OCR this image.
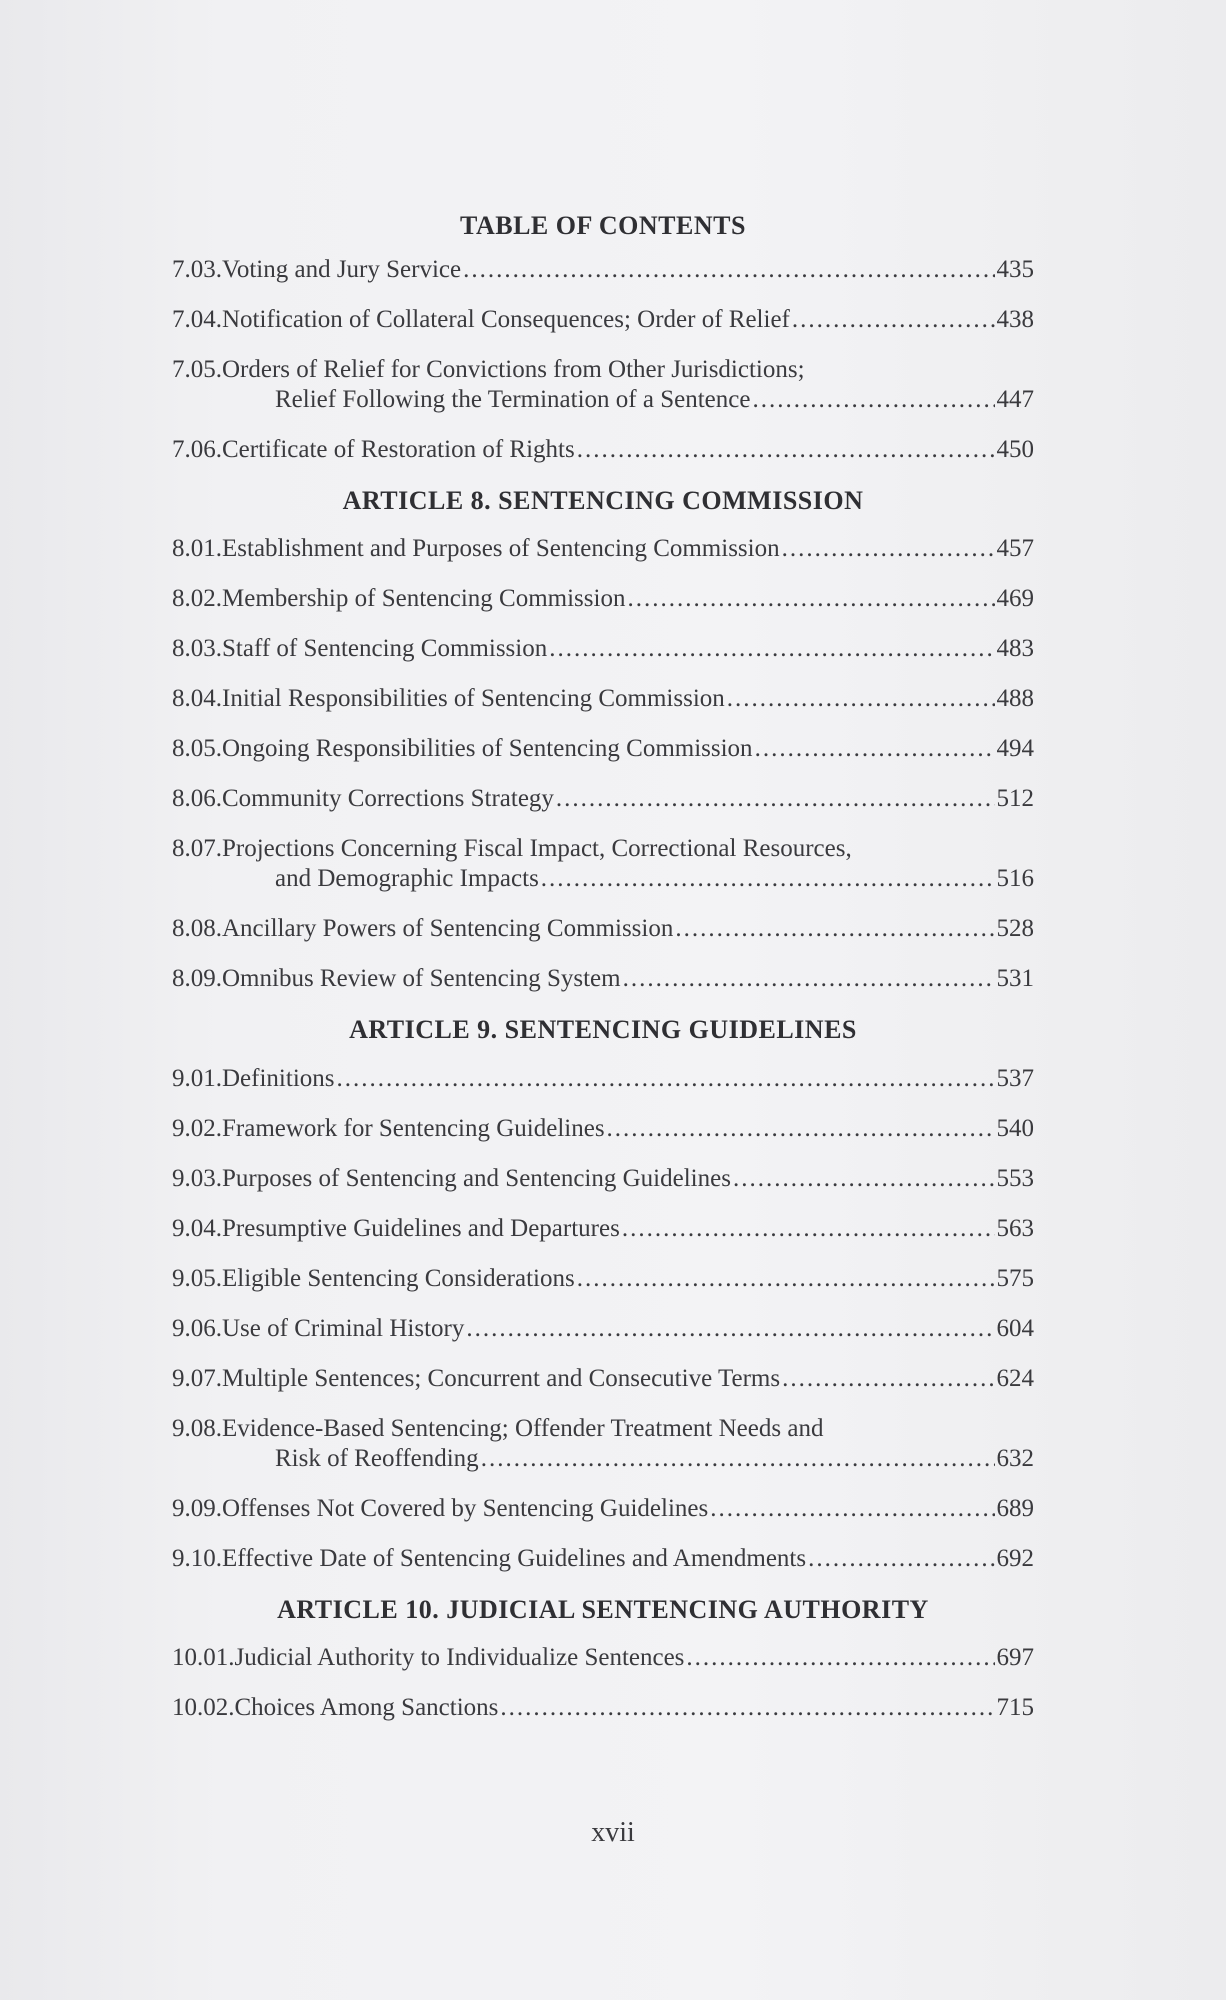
TABLE OF CONTENTS
7.03. Voting and Jury Service .....	435
7.04. Notification of Collateral Consequences; Order of Relief .....	438
7.05. Orders of Relief for Convictions from Other Jurisdictions;
Relief Following the Termination of a Sentence .....	447
7.06. Certificate of Restoration of Rights .....	450
ARTICLE 8. SENTENCING COMMISSION
8.01. Establishment and Purposes of Sentencing Commission .....	457
8.02. Membership of Sentencing Commission .....	469
8.03. Staff of Sentencing Commission .....	483
8.04. Initial Responsibilities of Sentencing Commission .....	488
8.05. Ongoing Responsibilities of Sentencing Commission .....	494
8.06. Community Corrections Strategy .....	512
8.07. Projections Concerning Fiscal Impact, Correctional Resources,
and Demographic Impacts .....	516
8.08. Ancillary Powers of Sentencing Commission .....	528
8.09. Omnibus Review of Sentencing System .....	531
ARTICLE 9. SENTENCING GUIDELINES
9.01. Definitions .....	537
9.02. Framework for Sentencing Guidelines .....	540
9.03. Purposes of Sentencing and Sentencing Guidelines .....	553
9.04. Presumptive Guidelines and Departures .....	563
9.05. Eligible Sentencing Considerations .....	575
9.06. Use of Criminal History .....	604
9.07. Multiple Sentences; Concurrent and Consecutive Terms .....	624
9.08. Evidence-Based Sentencing; Offender Treatment Needs and
Risk of Reoffending .....	632
9.09. Offenses Not Covered by Sentencing Guidelines .....	689
9.10. Effective Date of Sentencing Guidelines and Amendments .....	692
ARTICLE 10. JUDICIAL SENTENCING AUTHORITY
10.01. Judicial Authority to Individualize Sentences .....	697
10.02. Choices Among Sanctions .....	715
xvii
